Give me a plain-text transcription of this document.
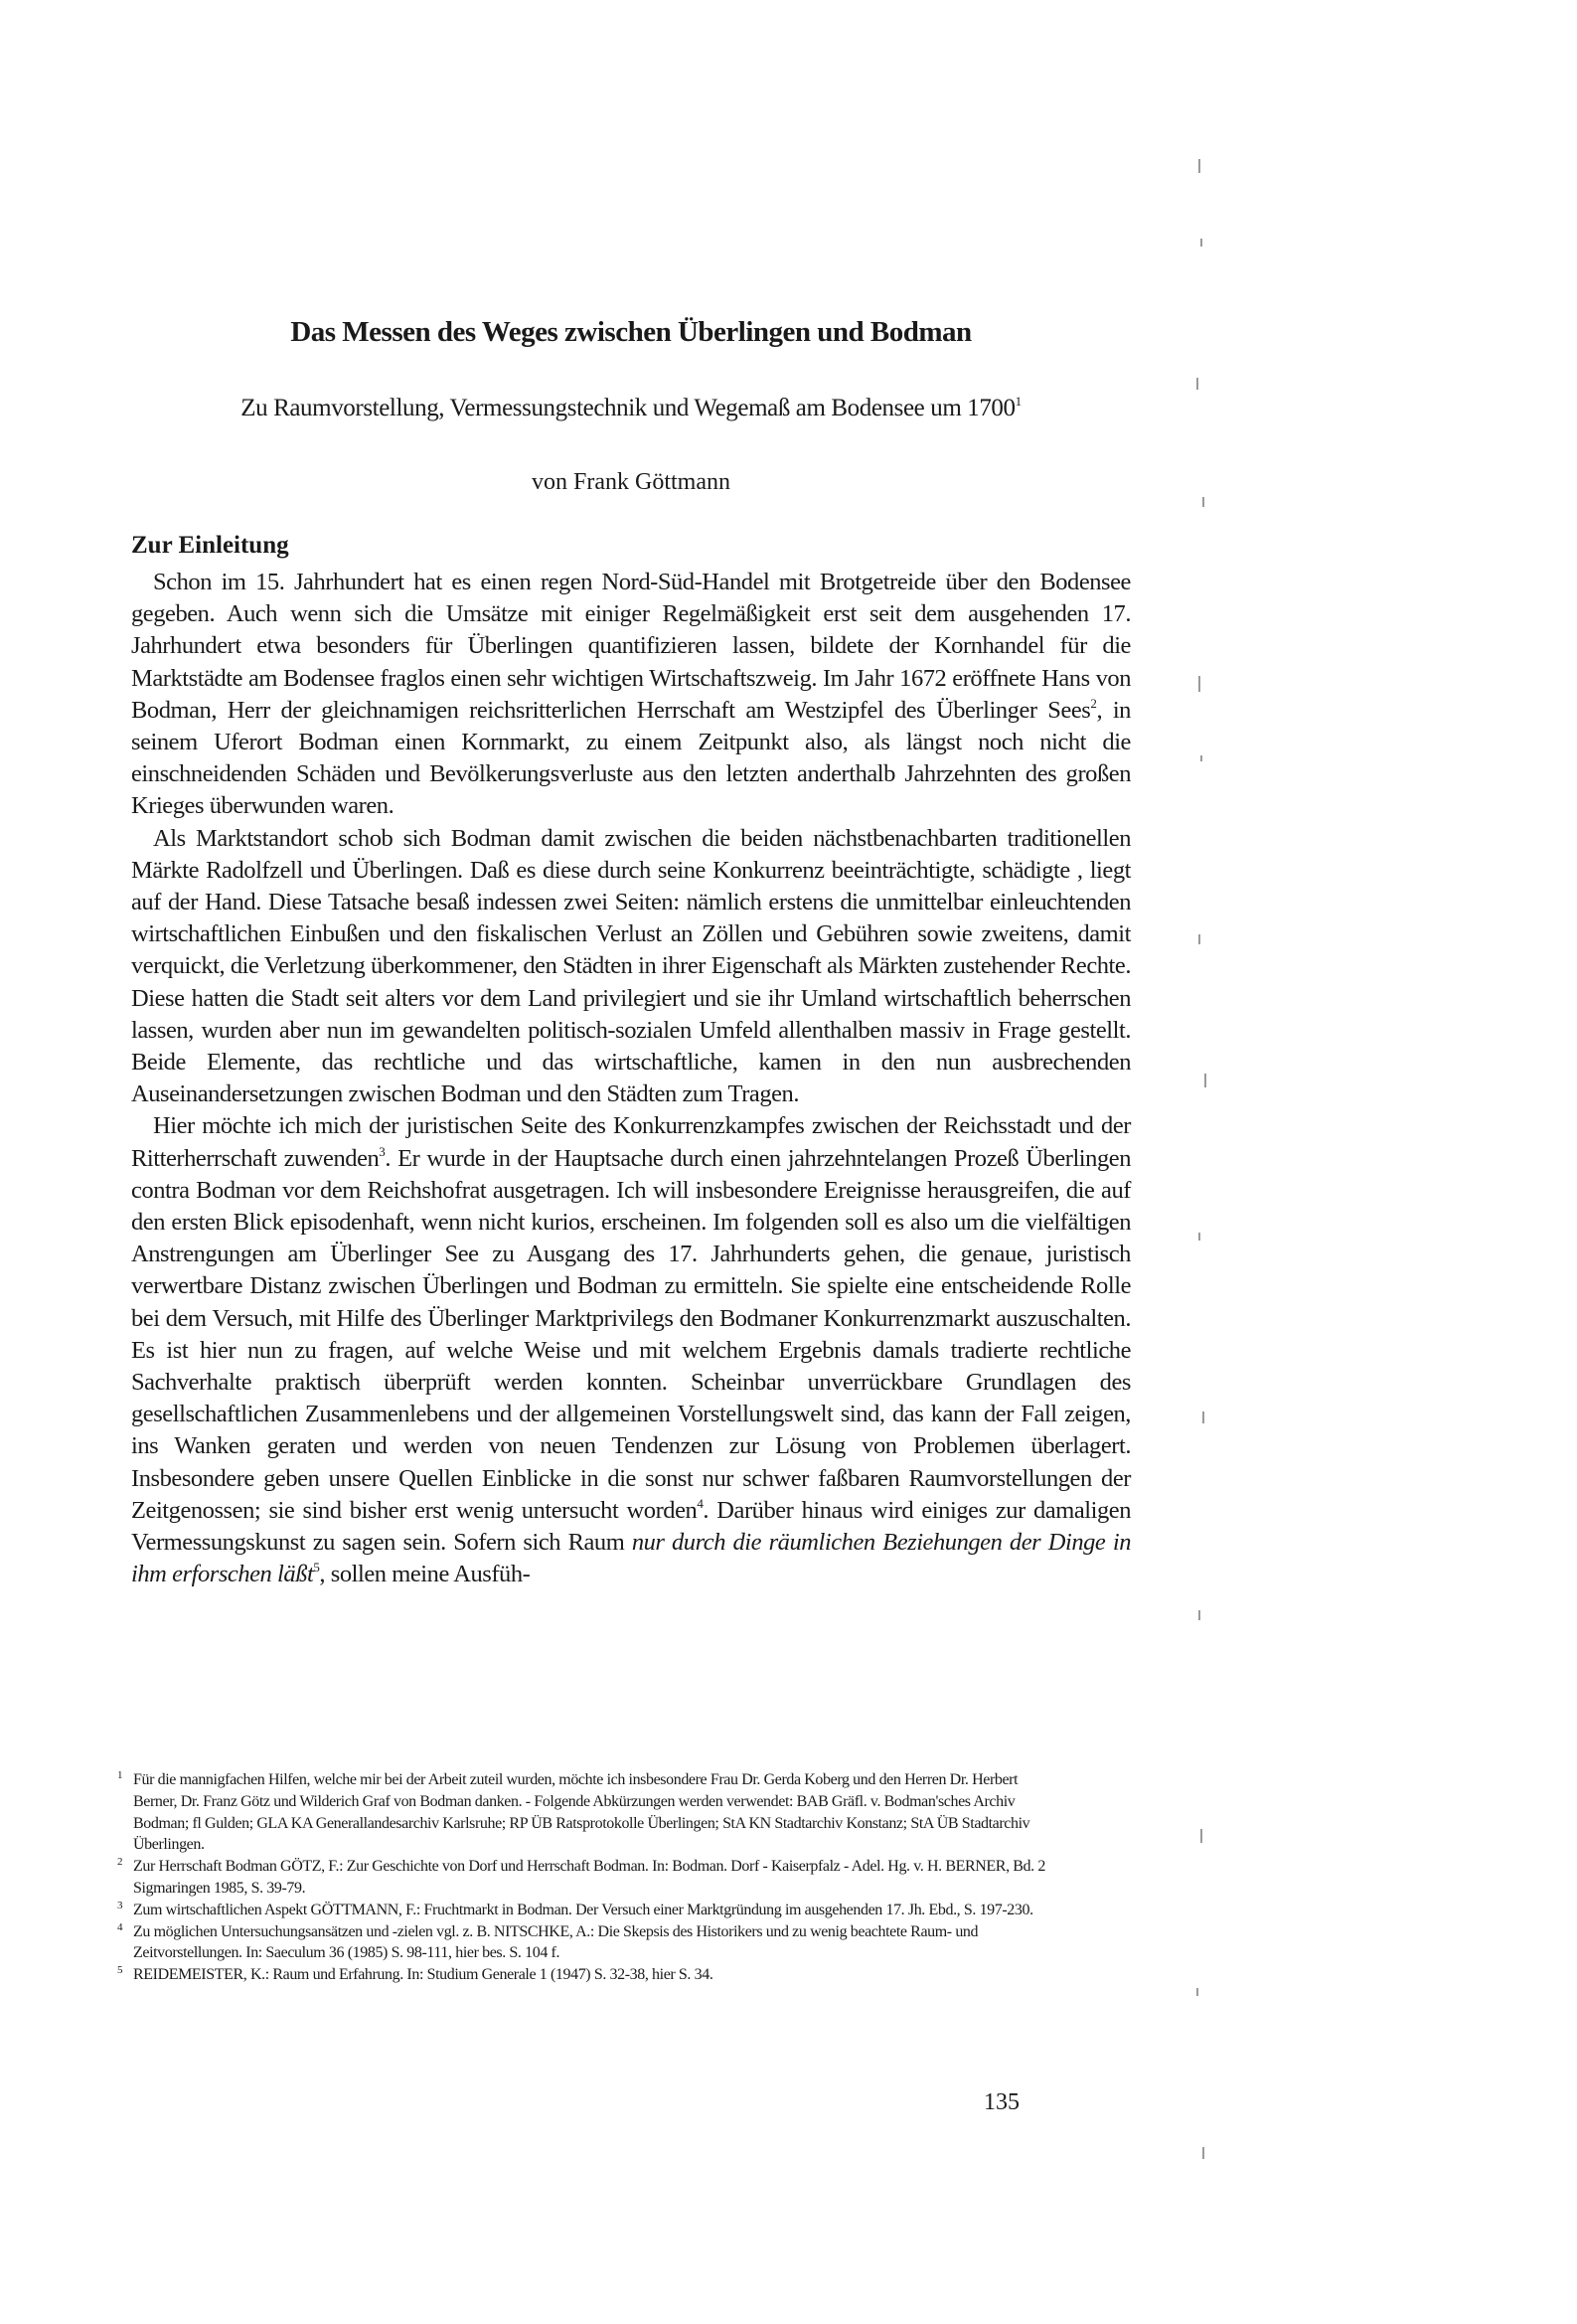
Das Messen des Weges zwischen Überlingen und Bodman
Zu Raumvorstellung, Vermessungstechnik und Wegemaß am Bodensee um 1700$^1$
von Frank Göttmann
Zur Einleitung

Schon im 15. Jahrhundert hat es einen regen Nord-Süd-Handel mit Brotgetreide über den Bodensee gegeben. Auch wenn sich die Umsätze mit einiger Regelmäßigkeit erst seit dem ausgehenden 17. Jahrhundert etwa besonders für Überlingen quantifizieren lassen, bildete der Kornhandel für die Marktstädte am Bodensee fraglos einen sehr wichtigen Wirtschaftszweig. Im Jahr 1672 eröffnete Hans von Bodman, Herr der gleichnamigen reichsritterlichen Herrschaft am Westzipfel des Überlinger Sees$^2$, in seinem Uferort Bodman einen Kornmarkt, zu einem Zeitpunkt also, als längst noch nicht die einschneidenden Schäden und Bevölkerungsverluste aus den letzten anderthalb Jahrzehnten des großen Krieges überwunden waren.

Als Marktstandort schob sich Bodman damit zwischen die beiden nächstbenachbarten traditionellen Märkte Radolfzell und Überlingen. Daß es diese durch seine Konkurrenz beeinträchtigte, schädigte , liegt auf der Hand. Diese Tatsache besaß indessen zwei Seiten: nämlich erstens die unmittelbar einleuchtenden wirtschaftlichen Einbußen und den fiskalischen Verlust an Zöllen und Gebühren sowie zweitens, damit verquickt, die Verletzung überkommener, den Städten in ihrer Eigenschaft als Märkten zustehender Rechte. Diese hatten die Stadt seit alters vor dem Land privilegiert und sie ihr Umland wirtschaftlich beherrschen lassen, wurden aber nun im gewandelten politisch-sozialen Umfeld allenthalben massiv in Frage gestellt. Beide Elemente, das rechtliche und das wirtschaftliche, kamen in den nun ausbrechenden Auseinandersetzungen zwischen Bodman und den Städten zum Tragen.

Hier möchte ich mich der juristischen Seite des Konkurrenzkampfes zwischen der Reichsstadt und der Ritterherrschaft zuwenden$^3$. Er wurde in der Hauptsache durch einen jahrzehntelangen Prozeß Überlingen contra Bodman vor dem Reichshofrat ausgetragen. Ich will insbesondere Ereignisse herausgreifen, die auf den ersten Blick episodenhaft, wenn nicht kurios, erscheinen. Im folgenden soll es also um die vielfältigen Anstrengungen am Überlinger See zu Ausgang des 17. Jahrhunderts gehen, die genaue, juristisch verwertbare Distanz zwischen Überlingen und Bodman zu ermitteln. Sie spielte eine entscheidende Rolle bei dem Versuch, mit Hilfe des Überlinger Marktprivilegs den Bodmaner Konkurrenzmarkt auszuschalten. Es ist hier nun zu fragen, auf welche Weise und mit welchem Ergebnis damals tradierte rechtliche Sachverhalte praktisch überprüft werden konnten. Scheinbar unverrückbare Grundlagen des gesellschaftlichen Zusammenlebens und der allgemeinen Vorstellungswelt sind, das kann der Fall zeigen, ins Wanken geraten und werden von neuen Tendenzen zur Lösung von Problemen überlagert. Insbesondere geben unsere Quellen Einblicke in die sonst nur schwer faßbaren Raumvorstellungen der Zeitgenossen; sie sind bisher erst wenig untersucht worden$^4$. Darüber hinaus wird einiges zur damaligen Vermessungskunst zu sagen sein. Sofern sich Raum nur durch die räumlichen Beziehungen der Dinge in ihm erforschen läßt$^5$, sollen meine Ausfüh-

1 Für die mannigfachen Hilfen, welche mir bei der Arbeit zuteil wurden, möchte ich insbesondere Frau Dr. Gerda Koberg und den Herren Dr. Herbert Berner, Dr. Franz Götz und Wilderich Graf von Bodman danken. - Folgende Abkürzungen werden verwendet: BAB Gräfl. v. Bodman'sches Archiv Bodman; fl Gulden; GLA KA Generallandesarchiv Karlsruhe; RP ÜB Ratsprotokolle Überlingen; StA KN Stadtarchiv Konstanz; StA ÜB Stadtarchiv Überlingen.
2 Zur Herrschaft Bodman GÖTZ, F.: Zur Geschichte von Dorf und Herrschaft Bodman. In: Bodman. Dorf - Kaiserpfalz - Adel. Hg. v. H. BERNER, Bd. 2 Sigmaringen 1985, S. 39-79.
3 Zum wirtschaftlichen Aspekt GÖTTMANN, F.: Fruchtmarkt in Bodman. Der Versuch einer Marktgründung im ausgehenden 17. Jh. Ebd., S. 197-230.
4 Zu möglichen Untersuchungsansätzen und -zielen vgl. z. B. NITSCHKE, A.: Die Skepsis des Historikers und zu wenig beachtete Raum- und Zeitvorstellungen. In: Saeculum 36 (1985) S. 98-111, hier bes. S. 104 f.
5 REIDEMEISTER, K.: Raum und Erfahrung. In: Studium Generale 1 (1947) S. 32-38, hier S. 34.
135
